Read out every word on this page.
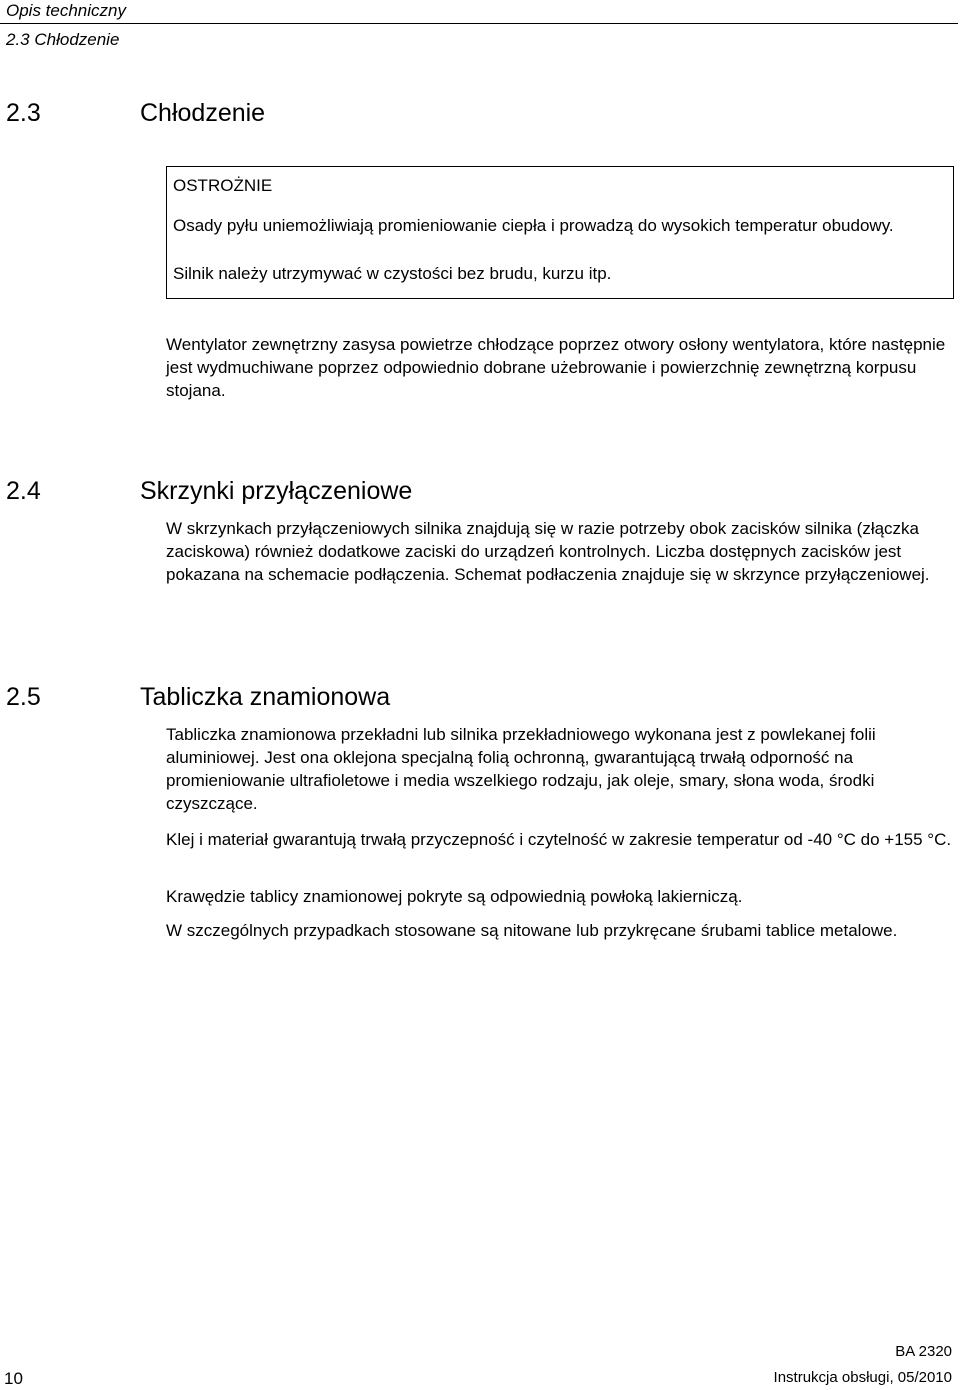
Opis techniczny
2.3 Chłodzenie
2.3	Chłodzenie
OSTROŻNIE
Osady pyłu uniemożliwiają promieniowanie ciepła i prowadzą do wysokich temperatur obudowy.
Silnik należy utrzymywać w czystości bez brudu, kurzu itp.
Wentylator zewnętrzny zasysa powietrze chłodzące poprzez otwory osłony wentylatora, które następnie jest wydmuchiwane poprzez odpowiednio dobrane użebrowanie i powierzchnię zewnętrzną korpusu stojana.
2.4	Skrzynki przyłączeniowe
W skrzynkach przyłączeniowych silnika znajdują się w razie potrzeby obok zacisków silnika (złączka zaciskowa) również dodatkowe zaciski do urządzeń kontrolnych. Liczba dostępnych zacisków jest pokazana na schemacie podłączenia. Schemat podłaczenia znajduje się w skrzynce przyłączeniowej.
2.5	Tabliczka znamionowa
Tabliczka znamionowa przekładni lub silnika przekładniowego wykonana jest z powlekanej folii aluminiowej. Jest ona oklejona specjalną folią ochronną, gwarantującą trwałą odporność na promieniowanie ultrafioletowe i media wszelkiego rodzaju, jak oleje, smary, słona woda, środki czyszczące.
Klej i materiał gwarantują trwałą przyczepność i czytelność w zakresie temperatur od -40 °C do +155 °C.
Krawędzie tablicy znamionowej pokryte są odpowiednią powłoką lakierniczą.
W szczególnych przypadkach stosowane są nitowane lub przykręcane śrubami tablice metalowe.
10
BA 2320
Instrukcja obsługi, 05/2010
